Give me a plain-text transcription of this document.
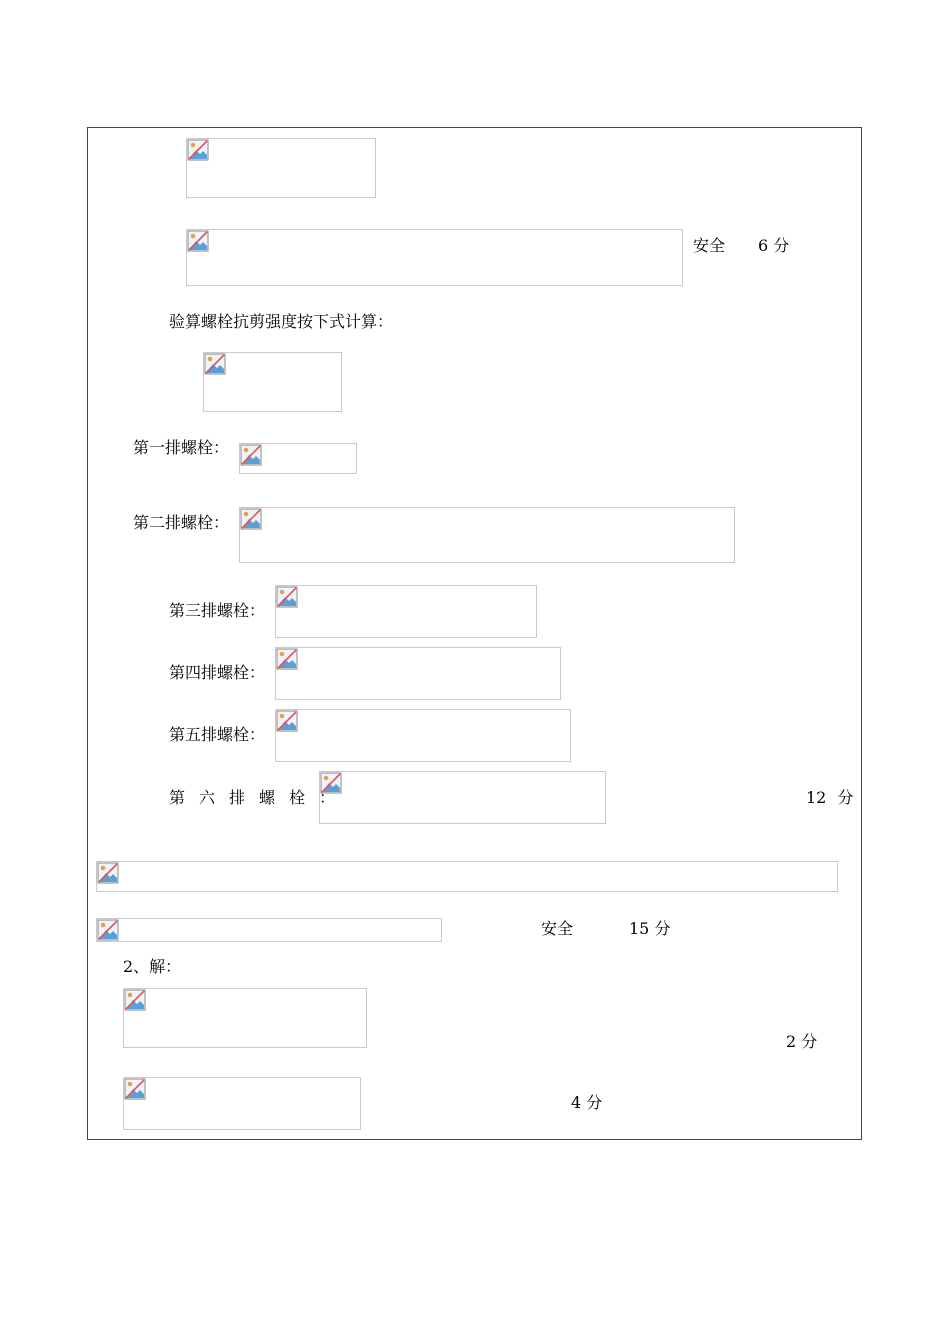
安全 6 分
验算螺栓抗剪强度按下式计算：
第一排螺栓：
第二排螺栓：
第三排螺栓：
第四排螺栓：
第五排螺栓：
第六排螺栓：	12 分
安全	15 分
2、解：
2 分
4 分
